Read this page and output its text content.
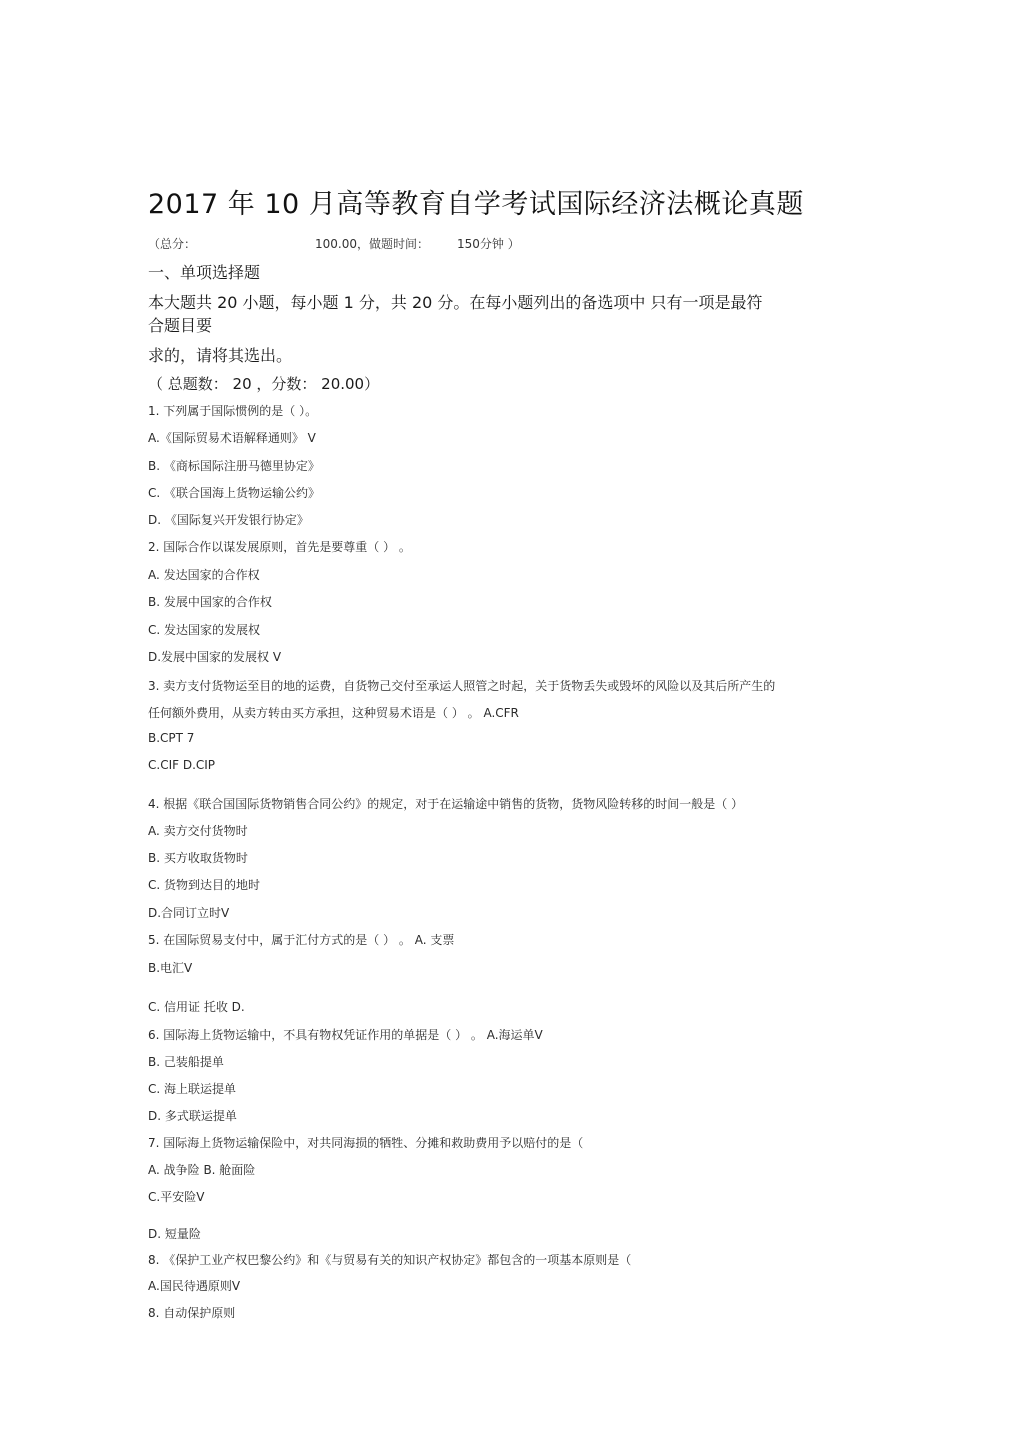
2017 年 10 月高等教育自学考试国际经济法概论真题
（总分：	100.00，做题时间： 150分钟 ）
一、单项选择题
本大题共 20 小题，每小题 1 分，共 20 分。在每小题列出的备选项中 只有一项是最符
合题目要
求的，请将其选出。
（ 总题数： 20 ，分数： 20.00）
1. 下列属于国际惯例的是（ ）。
A.《国际贸易术语解释通则》 V
B. 《商标国际注册马德里协定》
C. 《联合国海上货物运输公约》
D. 《国际复兴开发银行协定》
2. 国际合作以谋发展原则，首先是要尊重（ ） 。
A. 发达国家的合作权
B. 发展中国家的合作权
C. 发达国家的发展权
D.发展中国家的发展权 V
3. 卖方支付货物运至目的地的运费，自货物己交付至承运人照管之时起，关于货物丢失或毁坏的风险以及其后所产生的
任何额外费用，从卖方转由买方承担，这种贸易术语是（ ） 。 A.CFR
B.CPT 7
C.CIF D.CIP
4. 根据《联合国国际货物销售合同公约》的规定，对于在运输途中销售的货物，货物风险转移的时间一般是（ ）
A. 卖方交付货物时
B. 买方收取货物时
C. 货物到达目的地时
D.合同订立时V
5. 在国际贸易支付中，属于汇付方式的是（ ） 。 A. 支票
B.电汇V
C. 信用证 托收 D.
6. 国际海上货物运输中，不具有物权凭证作用的单据是（ ） 。 A.海运单V
B. 己装船提单
C. 海上联运提单
D. 多式联运提单
7. 国际海上货物运输保险中，对共同海损的牺牲、分摊和救助费用予以赔付的是（
A. 战争险 B. 舱面险
C.平安险V
D. 短量险
8. 《保护工业产权巴黎公约》和《与贸易有关的知识产权协定》都包含的一项基本原则是（
A.国民待遇原则V
8. 自动保护原则
